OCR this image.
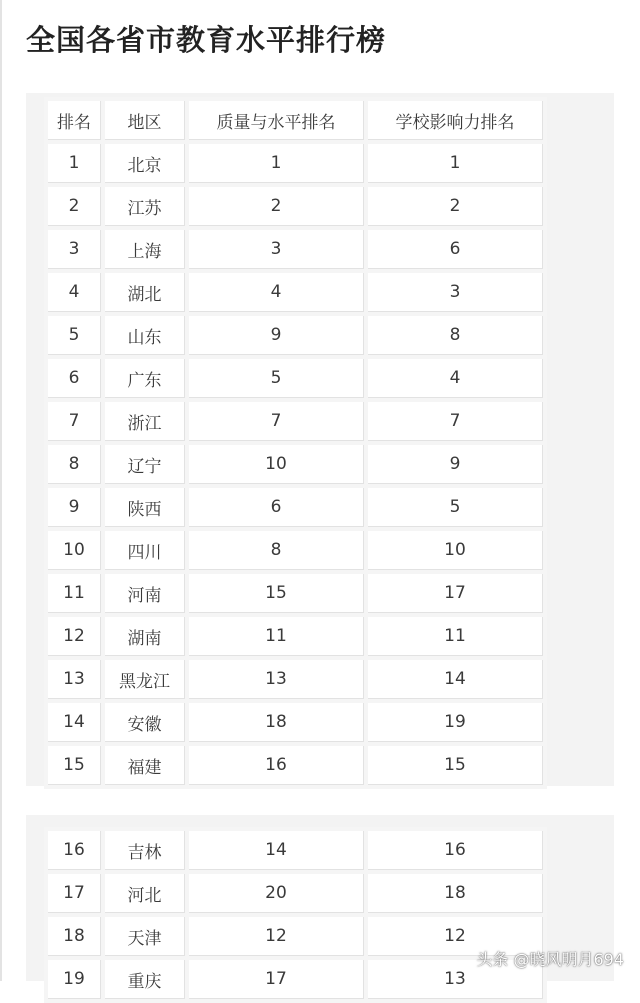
全国各省市教育水平排行榜
排名	地区	质量与水平排名	学校影响力排名
1	北京	1	1
2	江苏	2	2
3	上海	3	6
4	湖北	4	3
5	山东	9	8
6	广东	5	4
7	浙江	7	7
8	辽宁	10	9
9	陕西	6	5
10	四川	8	10
11	河南	15	17
12	湖南	11	11
13	黑龙江	13	14
14	安徽	18	19
15	福建	16	15
16	吉林	14	16
17	河北	20	18
18	天津	12	12
19	重庆	17	13
头条 @晓风明月694
